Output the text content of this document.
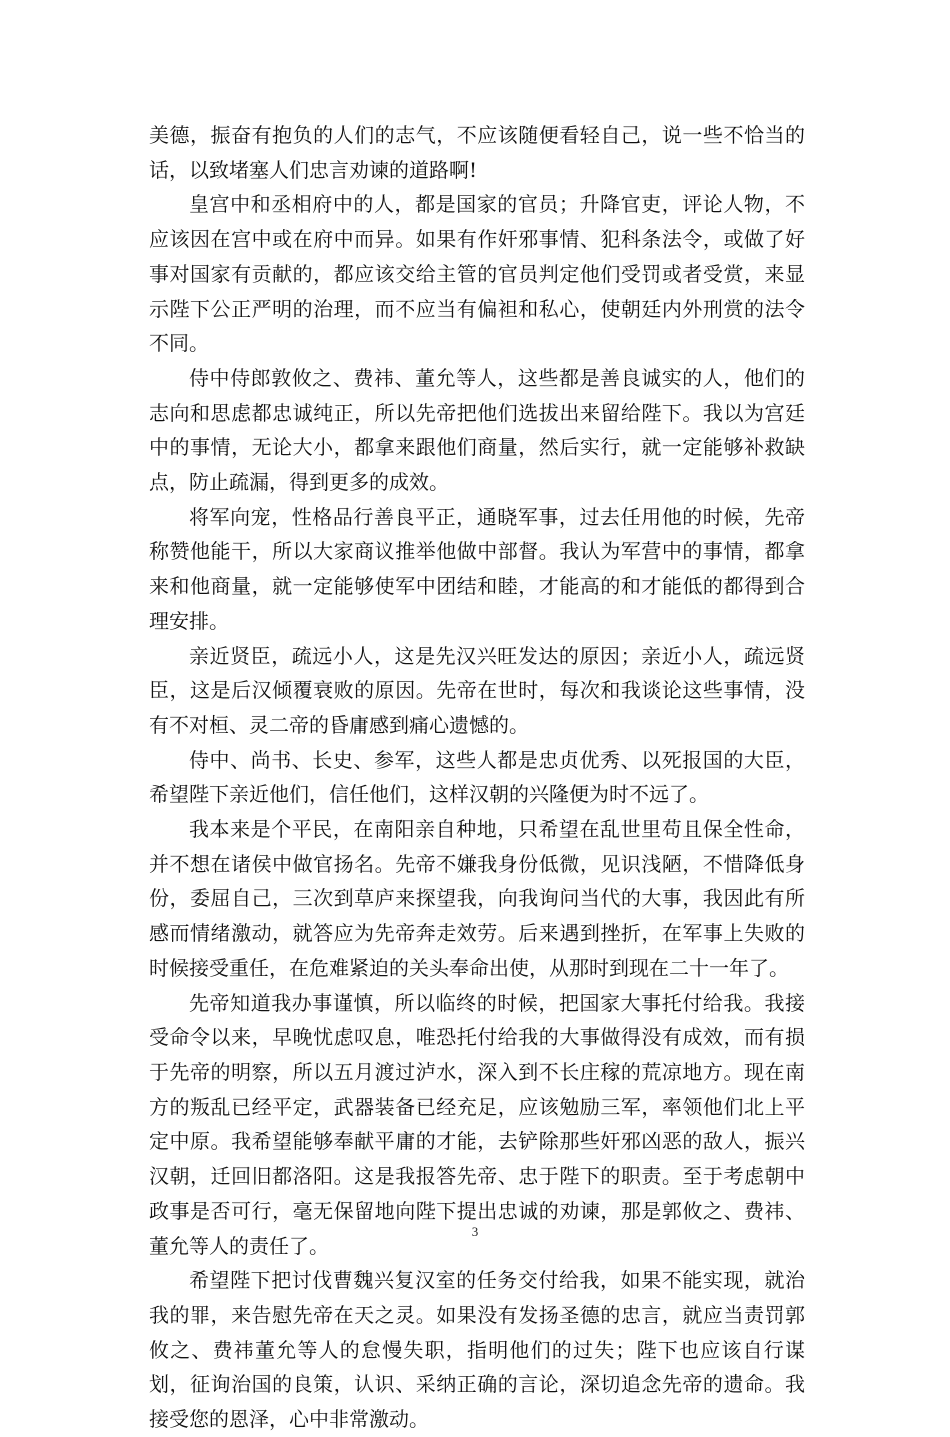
美德，振奋有抱负的人们的志气，不应该随便看轻自己，说一些不恰当的话，以致堵塞人们忠言劝谏的道路啊!

皇宫中和丞相府中的人，都是国家的官员；升降官吏，评论人物，不应该因在宫中或在府中而异。如果有作奸邪事情、犯科条法令，或做了好事对国家有贡献的，都应该交给主管的官员判定他们受罚或者受赏，来显示陛下公正严明的治理，而不应当有偏袒和私心，使朝廷内外刑赏的法令不同。

侍中侍郎敦攸之、费祎、董允等人，这些都是善良诚实的人，他们的志向和思虑都忠诚纯正，所以先帝把他们选拔出来留给陛下。我以为宫廷中的事情，无论大小，都拿来跟他们商量，然后实行，就一定能够补救缺点，防止疏漏，得到更多的成效。

将军向宠，性格品行善良平正，通晓军事，过去任用他的时候，先帝称赞他能干，所以大家商议推举他做中部督。我认为军营中的事情，都拿来和他商量，就一定能够使军中团结和睦，才能高的和才能低的都得到合理安排。

亲近贤臣，疏远小人，这是先汉兴旺发达的原因；亲近小人，疏远贤臣，这是后汉倾覆衰败的原因。先帝在世时，每次和我谈论这些事情，没有不对桓、灵二帝的昏庸感到痛心遗憾的。

侍中、尚书、长史、参军，这些人都是忠贞优秀、以死报国的大臣，希望陛下亲近他们，信任他们，这样汉朝的兴隆便为时不远了。

我本来是个平民，在南阳亲自种地，只希望在乱世里苟且保全性命，并不想在诸侯中做官扬名。先帝不嫌我身份低微，见识浅陋，不惜降低身份，委屈自己，三次到草庐来探望我，向我询问当代的大事，我因此有所感而情绪激动，就答应为先帝奔走效劳。后来遇到挫折，在军事上失败的时候接受重任，在危难紧迫的关头奉命出使，从那时到现在二十一年了。

先帝知道我办事谨慎，所以临终的时候，把国家大事托付给我。我接受命令以来，早晚忧虑叹息，唯恐托付给我的大事做得没有成效，而有损于先帝的明察，所以五月渡过泸水，深入到不长庄稼的荒凉地方。现在南方的叛乱已经平定，武器装备已经充足，应该勉励三军，率领他们北上平定中原。我希望能够奉献平庸的才能，去铲除那些奸邪凶恶的敌人，振兴汉朝，迁回旧都洛阳。这是我报答先帝、忠于陛下的职责。至于考虑朝中政事是否可行，毫无保留地向陛下提出忠诚的劝谏，那是郭攸之、费祎、董允等人的责任了。

希望陛下把讨伐曹魏兴复汉室的任务交付给我，如果不能实现，就治我的罪，来告慰先帝在天之灵。如果没有发扬圣德的忠言，就应当责罚郭攸之、费祎董允等人的怠慢失职，指明他们的过失；陛下也应该自行谋划，征询治国的良策，认识、采纳正确的言论，深切追念先帝的遗命。我接受您的恩泽，心中非常激动。

3
